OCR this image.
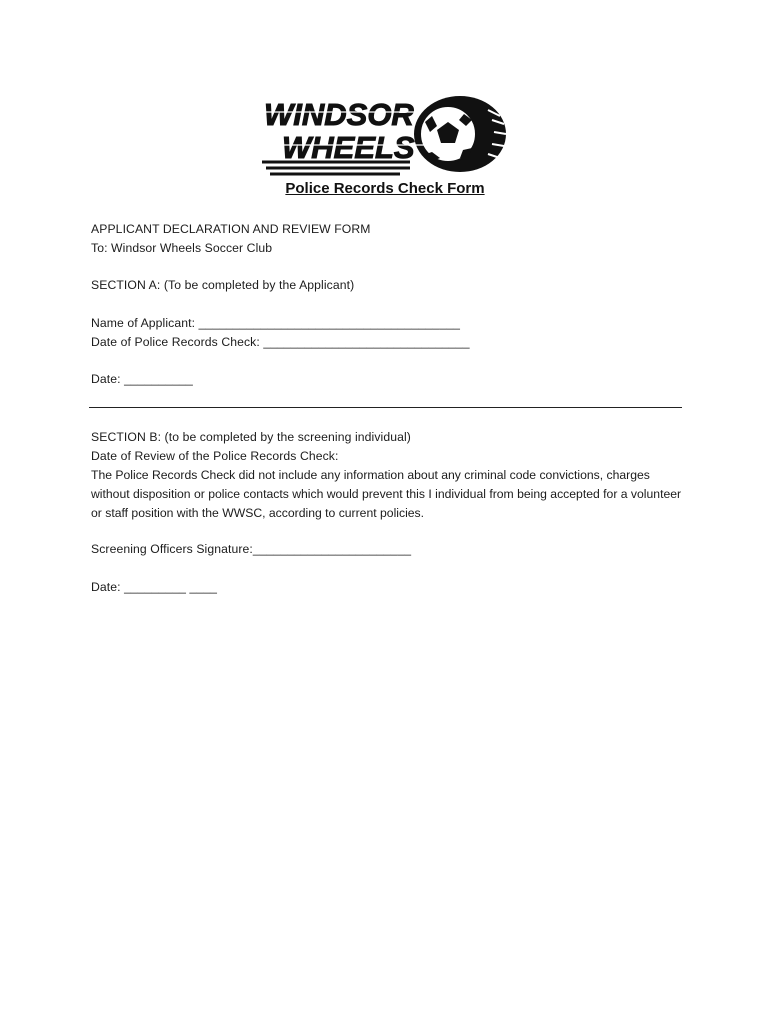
WINDSOR
WHEELS
Police Records Check Form
APPLICANT DECLARATION AND REVIEW FORM
To: Windsor Wheels Soccer Club
SECTION A: (To be completed by the Applicant)
Name of Applicant: ______________________________________
Date of Police Records Check: ______________________________
Date: __________
SECTION B: (to be completed by the screening individual)
Date of Review of the Police Records Check:
The Police Records Check did not include any information about any criminal code convictions, charges without disposition or police contacts which would prevent this I individual from being accepted for a volunteer or staff position with the WWSC, according to current policies.
Screening Officers Signature:_______________________
Date: _________ ____
